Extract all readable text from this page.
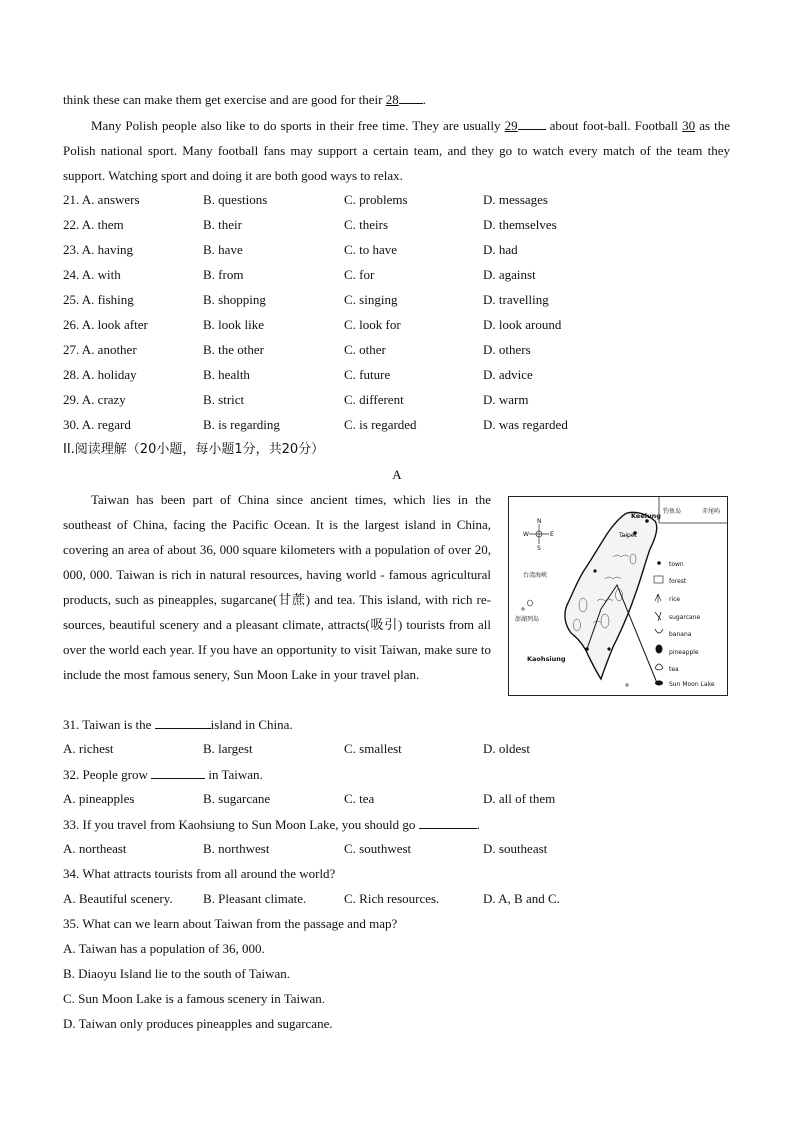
think these can make them get exercise and are good for their 28 .
Many Polish people also like to do sports in their free time. They are usually 29 about foot-ball. Football 30 as the Polish national sport. Many football fans may support a certain team, and they go to watch every match of the team they support. Watching sport and doing it are both good ways to relax.
21. A. answers	B. questions	C. problems	D. messages
22. A. them	B. their	C. theirs	D. themselves
23. A. having	B. have	C. to have	D. had
24. A. with	B. from	C. for	D. against
25. A. fishing	B. shopping	C. singing	D. travelling
26. A. look after	B. look like	C. look for	D. look around
27. A. another	B. the other	C. other	D. others
28. A. holiday	B. health	C. future	D. advice
29. A. crazy	B. strict	C. different	D. warm
30. A. regard	B. is regarding	C. is regarded	D. was regarded
II.阅读理解（20小题，每小题1分，共20分）
A
Taiwan has been part of China since ancient times, which lies in the southeast of China, facing the Pacific Ocean. It is the largest island in China, covering an area of about 36, 000 square kilometers with a population of over 20, 000, 000. Taiwan is rich in natural resources, having world - famous agricultural products, such as pineapples, sugarcane(甘蔗) and tea. This island, with rich re-sources, beautiful scenery and a pleasant climate, attracts(吸引) tourists from all over the world each year. If you have an opportunity to visit Taiwan, make sure to include the most famous senery, Sun Moon Lake in your travel plan.
钓鱼岛	赤尾屿
N
S
E
W
台湾海峡
澎湖列岛
Keelung
Taipei
Kaohsiung
town
forest
rice
sugarcane
banana
pineapple
tea
Sun Moon Lake
31. Taiwan is the	island in China.
A. richest	B. largest	C. smallest	D. oldest
32. People grow	in Taiwan.
A. pineapples	B. sugarcane	C. tea	D. all of them
33. If you travel from Kaohsiung to Sun Moon Lake, you should go	.
A. northeast	B. northwest	C. southwest	D. southeast
34. What attracts tourists from all around the world?
A. Beautiful scenery. B. Pleasant climate.	C. Rich resources.	D. A, B and C.
35. What can we learn about Taiwan from the passage and map?
A. Taiwan has a population of 36, 000.
B. Diaoyu Island lie to the south of Taiwan.
C. Sun Moon Lake is a famous scenery in Taiwan.
D. Taiwan only produces pineapples and sugarcane.
